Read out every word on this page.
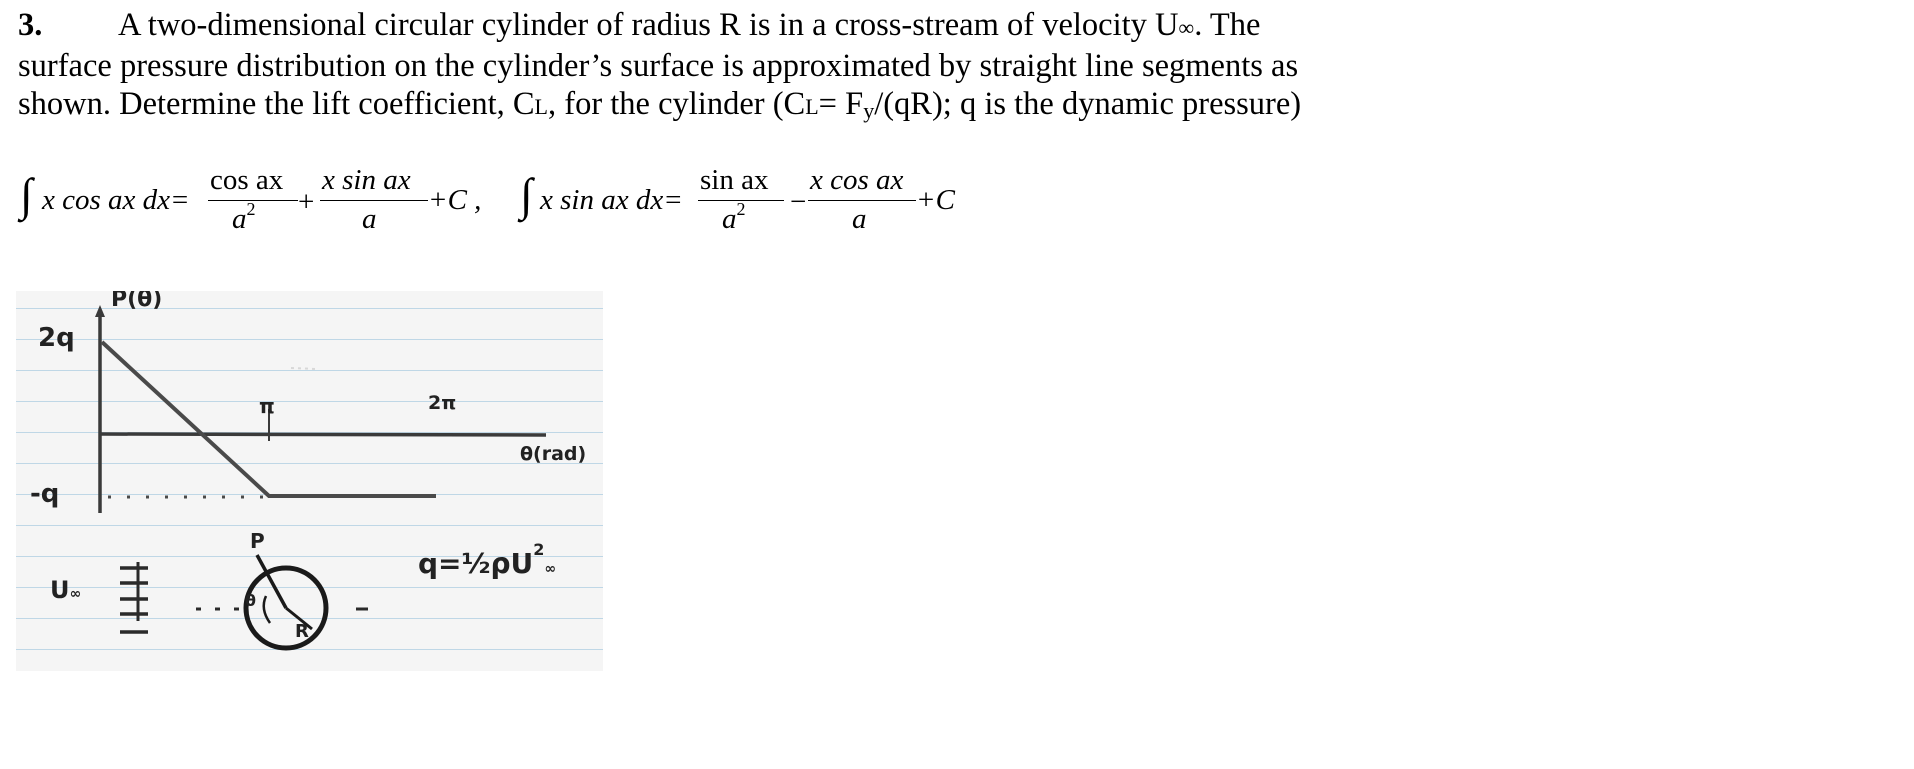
3. A two-dimensional circular cylinder of radius R is in a cross-stream of velocity U∞. The
surface pressure distribution on the cylinder’s surface is approximated by straight line segments as
shown. Determine the lift coefficient, CL, for the cylinder (CL= Fy/(qR); q is the dynamic pressure)
∫ x cos ax dx=
cos ax
$a^2$ +
x sin ax
a
+C , ∫ x sin ax dx=
sin ax
$a^2$ −
x cos ax
a
+C
P(θ)
2q
-q
π	2π
θ(rad)
U∞
P
θ
R
$q=\frac{1}{2}\rho U^2\infty$
